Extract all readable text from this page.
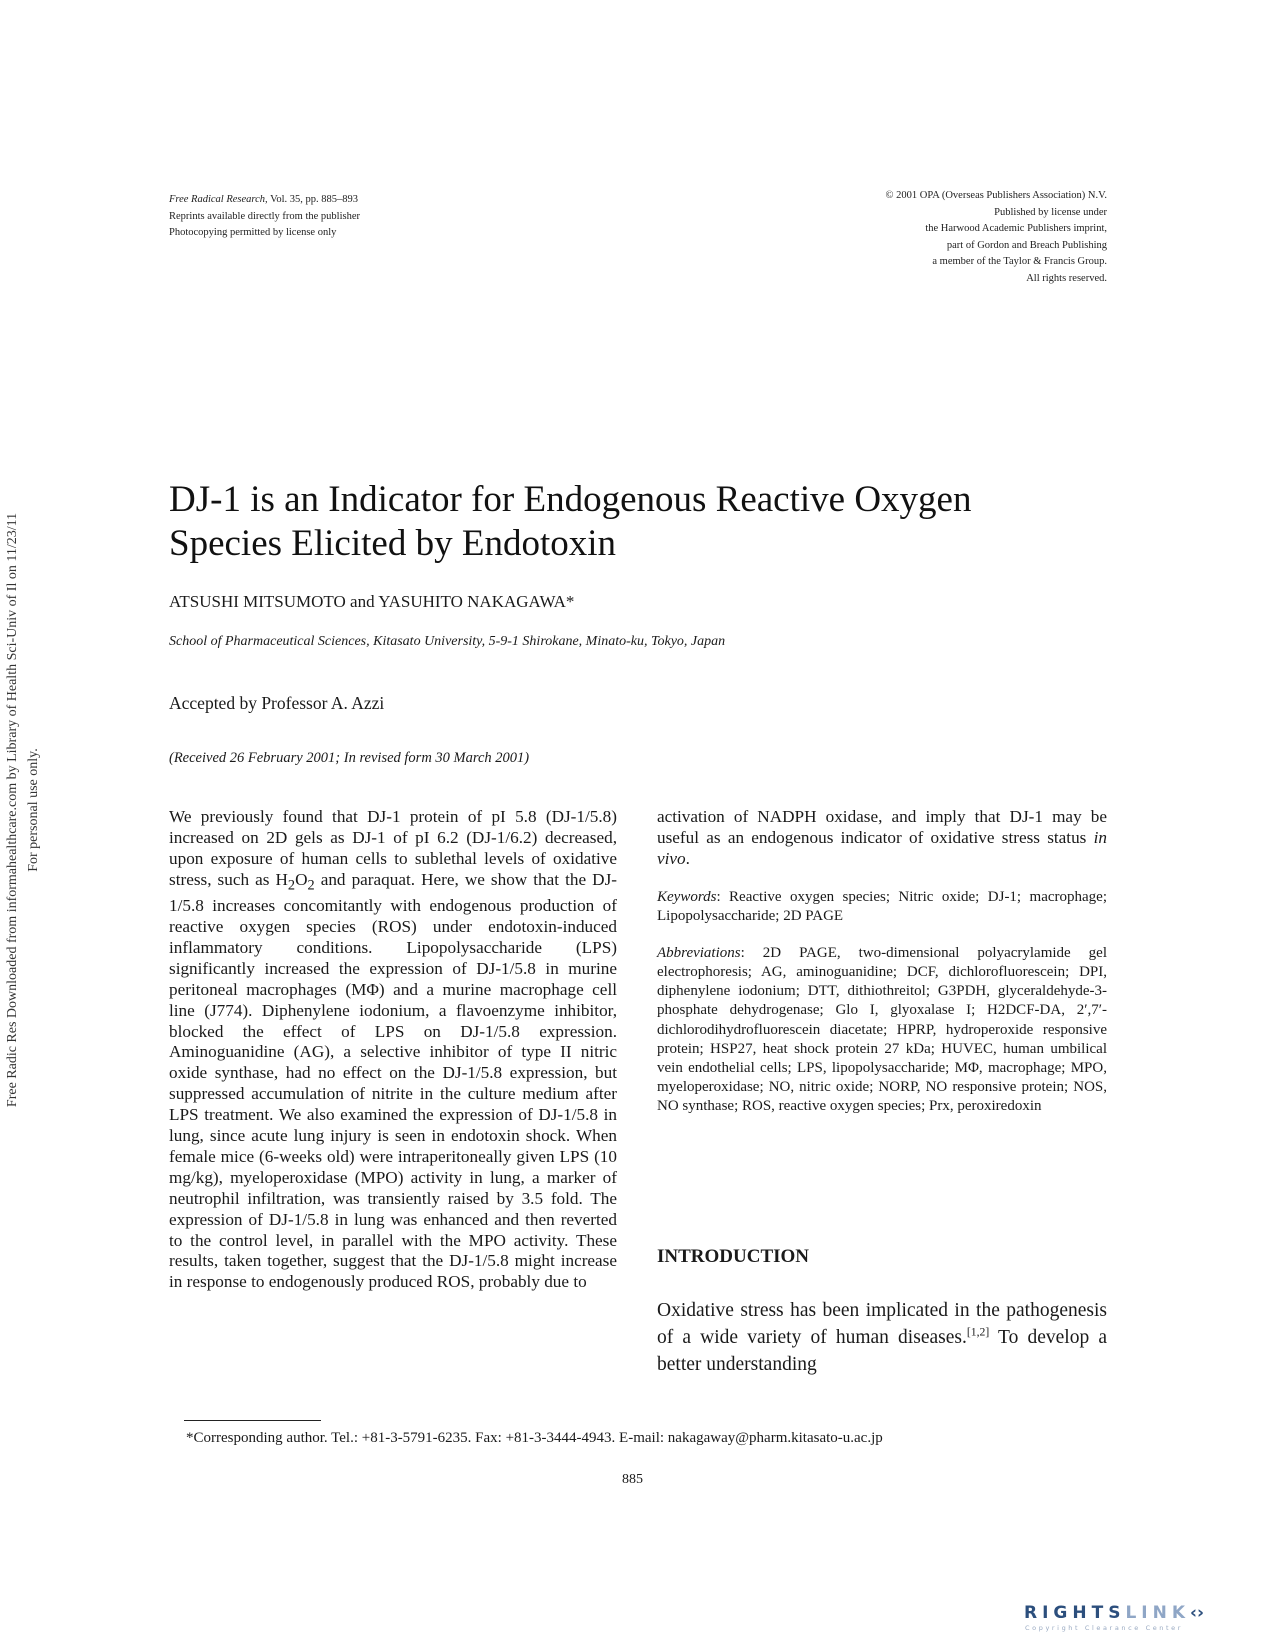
Free Radical Research, Vol. 35, pp. 885–893
Reprints available directly from the publisher
Photocopying permitted by license only
© 2001 OPA (Overseas Publishers Association) N.V.
Published by license under
the Harwood Academic Publishers imprint,
part of Gordon and Breach Publishing
a member of the Taylor & Francis Group.
All rights reserved.
Free Radic Res Downloaded from informahealthcare.com by Library of Health Sci-Univ of Il on 11/23/11 For personal use only.
DJ-1 is an Indicator for Endogenous Reactive Oxygen
Species Elicited by Endotoxin
ATSUSHI MITSUMOTO and YASUHITO NAKAGAWA*
School of Pharmaceutical Sciences, Kitasato University, 5-9-1 Shirokane, Minato-ku, Tokyo, Japan
Accepted by Professor A. Azzi
(Received 26 February 2001; In revised form 30 March 2001)

We previously found that DJ-1 protein of pI 5.8 (DJ-1/5.8) increased on 2D gels as DJ-1 of pI 6.2 (DJ-1/6.2) decreased, upon exposure of human cells to sublethal levels of oxidative stress, such as $H_2O_2$ and paraquat. Here, we show that the DJ-1/5.8 increases concomitantly with endogenous production of reactive oxygen species (ROS) under endotoxin-induced inflammatory conditions. Lipopolysaccharide (LPS) significantly increased the expression of DJ-1/5.8 in murine peritoneal macrophages (MΦ) and a murine macrophage cell line (J774). Diphenylene iodonium, a flavoenzyme inhibitor, blocked the effect of LPS on DJ-1/5.8 expression. Aminoguanidine (AG), a selective inhibitor of type II nitric oxide synthase, had no effect on the DJ-1/5.8 expression, but suppressed accumulation of nitrite in the culture medium after LPS treatment. We also examined the expression of DJ-1/5.8 in lung, since acute lung injury is seen in endotoxin shock. When female mice (6-weeks old) were intraperitoneally given LPS (10 mg/kg), myeloperoxidase (MPO) activity in lung, a marker of neutrophil infiltration, was transiently raised by 3.5 fold. The expression of DJ-1/5.8 in lung was enhanced and then reverted to the control level, in parallel with the MPO activity. These results, taken together, suggest that the DJ-1/5.8 might increase in response to endogenously produced ROS, probably due to

activation of NADPH oxidase, and imply that DJ-1 may be useful as an endogenous indicator of oxidative stress status in vivo.

Keywords: Reactive oxygen species; Nitric oxide; DJ-1; macrophage; Lipopolysaccharide; 2D PAGE

Abbreviations: 2D PAGE, two-dimensional polyacrylamide gel electrophoresis; AG, aminoguanidine; DCF, dichlorofluorescein; DPI, diphenylene iodonium; DTT, dithiothreitol; G3PDH, glyceraldehyde-3-phosphate dehydrogenase; Glo I, glyoxalase I; H2DCF-DA, 2′,7′-dichlorodihydrofluorescein diacetate; HPRP, hydroperoxide responsive protein; HSP27, heat shock protein 27 kDa; HUVEC, human umbilical vein endothelial cells; LPS, lipopolysaccharide; MΦ, macrophage; MPO, myeloperoxidase; NO, nitric oxide; NORP, NO responsive protein; NOS, NO synthase; ROS, reactive oxygen species; Prx, peroxiredoxin

INTRODUCTION

Oxidative stress has been implicated in the pathogenesis of a wide variety of human diseases.[1,2] To develop a better understanding

*Corresponding author. Tel.: +81-3-5791-6235. Fax: +81-3-3444-4943. E-mail: nakagaway@pharm.kitasato-u.ac.jp
885
RIGHTSLINK‹›
Copyright Clearance Center
